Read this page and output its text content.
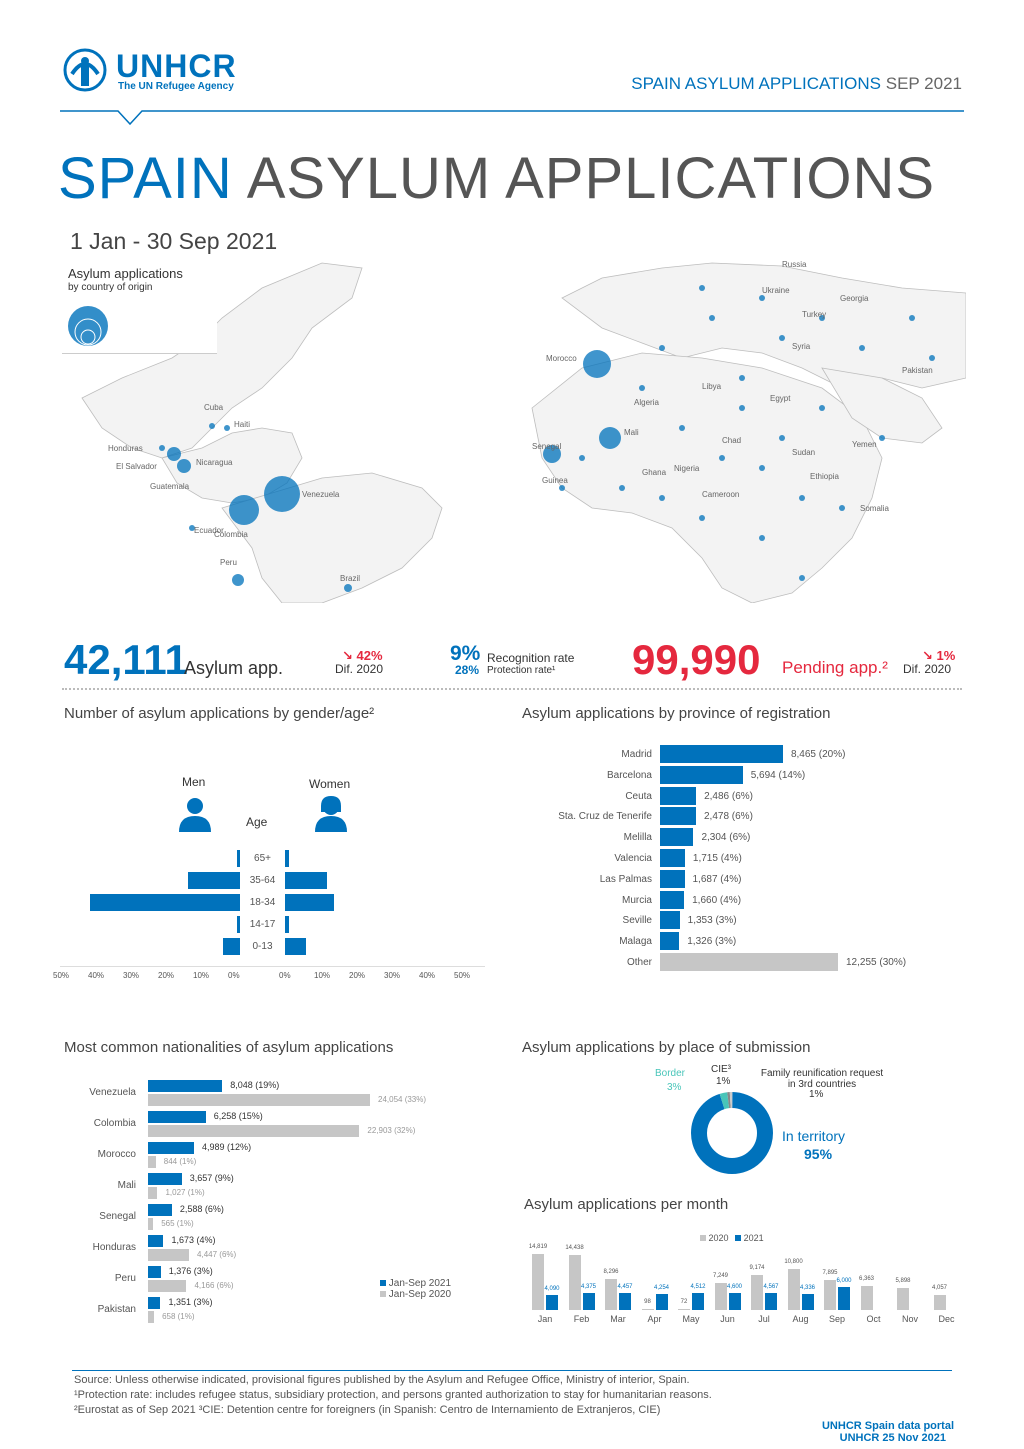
UNHCR
The UN Refugee Agency	SPAIN ASYLUM APPLICATIONS SEP 2021
SPAIN ASYLUM APPLICATIONS
1 Jan - 30 Sep 2021
Asylum applications
by country of origin
Venezuela
Colombia
Morocco
Mali
Senegal
Honduras
Peru
Cuba
Haiti
Nicaragua
El Salvador
Guatemala
Ecuador
Brazil
Georgia
Ukraine
Syria
Egypt
Nigeria
Guinea
Cameroon
Algeria
Sudan
Somalia
Pakistan
Russia
Turkey
Ghana
Yemen
Chad
Ethiopia
Libya
42,111
Asylum app.
↘ 42%
Dif. 2020
9% Recognition rate
28% Protection rate¹ 99,990 Pending app.²
↘ 1%
Dif. 2020
Number of asylum applications by gender/age²
Men	Women
Age
65+
35-64
18-34
14-17
0-13
50% 40% 30% 20% 10% 0%	0%	10% 20% 30% 40% 50%
Asylum applications by province of registration
Madrid	8,465 (20%)
Barcelona	5,694 (14%)
Ceuta	2,486 (6%)
Sta. Cruz de Tenerife	2,478 (6%)
Melilla	2,304 (6%)
Valencia	1,715 (4%)
Las Palmas	1,687 (4%)
Murcia	1,660 (4%)
Seville	1,353 (3%)
Malaga	1,326 (3%)
Other	12,255 (30%)
Most common nationalities of asylum applications
Venezuela
8,048 (19%)
24,054 (33%)
Colombia
6,258 (15%)
22,903 (32%)
Morocco
4,989 (12%)
844 (1%)
Mali
3,657 (9%)
1,027 (1%)
Senegal
2,588 (6%)
565 (1%)
Honduras
1,673 (4%)
4,447 (6%)
Peru
1,376 (3%)
4,166 (6%)
Pakistan
1,351 (3%)
658 (1%)
Jan-Sep 2021
Jan-Sep 2020
Asylum applications by place of submission
Border
3%
CIE³
1%
Family reunification request in 3rd countries
1%
In territory
95%
Asylum applications per month
2020 2021
14,819
4,090
Jan
14,438
4,375
Feb
8,296
4,457
Mar
98
4,254
Apr
72
4,512
May
7,249
4,600
Jun
9,174
4,567
Jul
10,800
4,336
Aug
7,895
6,000
Sep
6,363
Oct
5,898
Nov
4,057
Dec
Source: Unless otherwise indicated, provisional figures published by the Asylum and Refugee Office, Ministry of interior, Spain.
¹Protection rate: includes refugee status, subsidiary protection, and persons granted authorization to stay for humanitarian reasons.
²Eurostat as of Sep 2021 ³CIE: Detention centre for foreigners (in Spanish: Centro de Internamiento de Extranjeros, CIE)
UNHCR Spain data portal
UNHCR 25 Nov 2021
